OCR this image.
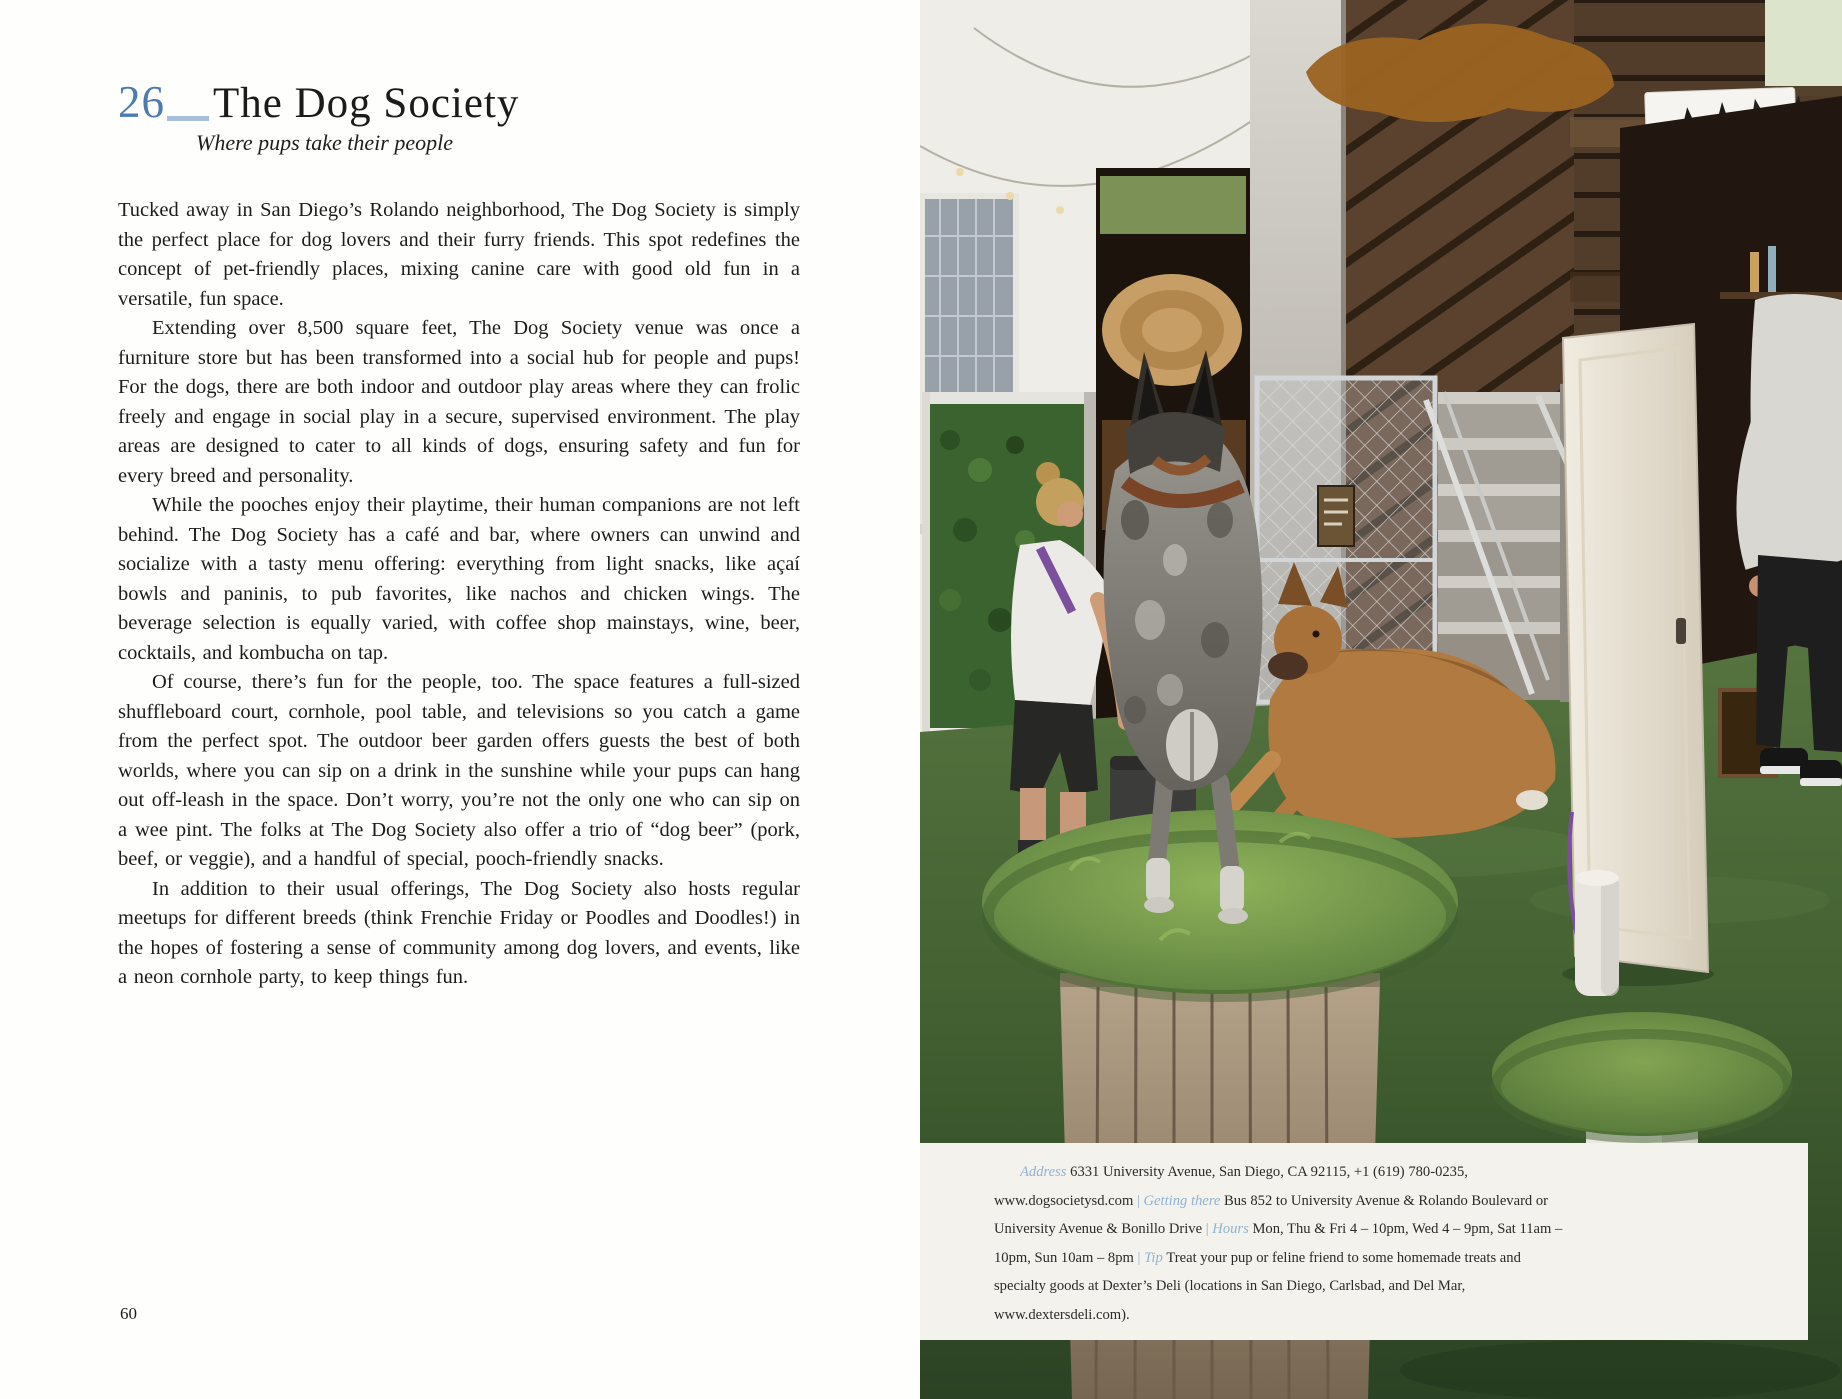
26 The Dog Society
Where pups take their people

Tucked away in San Diego’s Rolando neighborhood, The Dog Society is simply the perfect place for dog lovers and their furry friends. This spot redefines the concept of pet-friendly places, mixing canine care with good old fun in a versatile, fun space.

Extending over 8,500 square feet, The Dog Society venue was once a furniture store but has been transformed into a social hub for people and pups! For the dogs, there are both indoor and outdoor play areas where they can frolic freely and engage in social play in a secure, supervised environment. The play areas are designed to cater to all kinds of dogs, ensuring safety and fun for every breed and personality.

While the pooches enjoy their playtime, their human companions are not left behind. The Dog Society has a café and bar, where owners can unwind and socialize with a tasty menu offering: everything from light snacks, like açaí bowls and paninis, to pub favorites, like nachos and chicken wings. The beverage selection is equally varied, with coffee shop mainstays, wine, beer, cocktails, and kombucha on tap.

Of course, there’s fun for the people, too. The space features a full-sized shuffleboard court, cornhole, pool table, and televisions so you catch a game from the perfect spot. The outdoor beer garden offers guests the best of both worlds, where you can sip on a drink in the sunshine while your pups can hang out off-leash in the space. Don’t worry, you’re not the only one who can sip on a wee pint. The folks at The Dog Society also offer a trio of “dog beer” (pork, beef, or veggie), and a handful of special, pooch-friendly snacks.

In addition to their usual offerings, The Dog Society also hosts regular meetups for different breeds (think Frenchie Friday or Poodles and Doodles!) in the hopes of fostering a sense of community among dog lovers, and events, like a neon cornhole party, to keep things fun.

60

Address 6331 University Avenue, San Diego, CA 92115, +1 (619) 780-0235, www.dogsocietysd.com | Getting there Bus 852 to University Avenue & Rolando Boulevard or University Avenue & Bonillo Drive | Hours Mon, Thu & Fri 4 – 10pm, Wed 4 – 9pm, Sat 11am – 10pm, Sun 10am – 8pm | Tip Treat your pup or feline friend to some homemade treats and specialty goods at Dexter’s Deli (locations in San Diego, Carlsbad, and Del Mar, www.dextersdeli.com).
